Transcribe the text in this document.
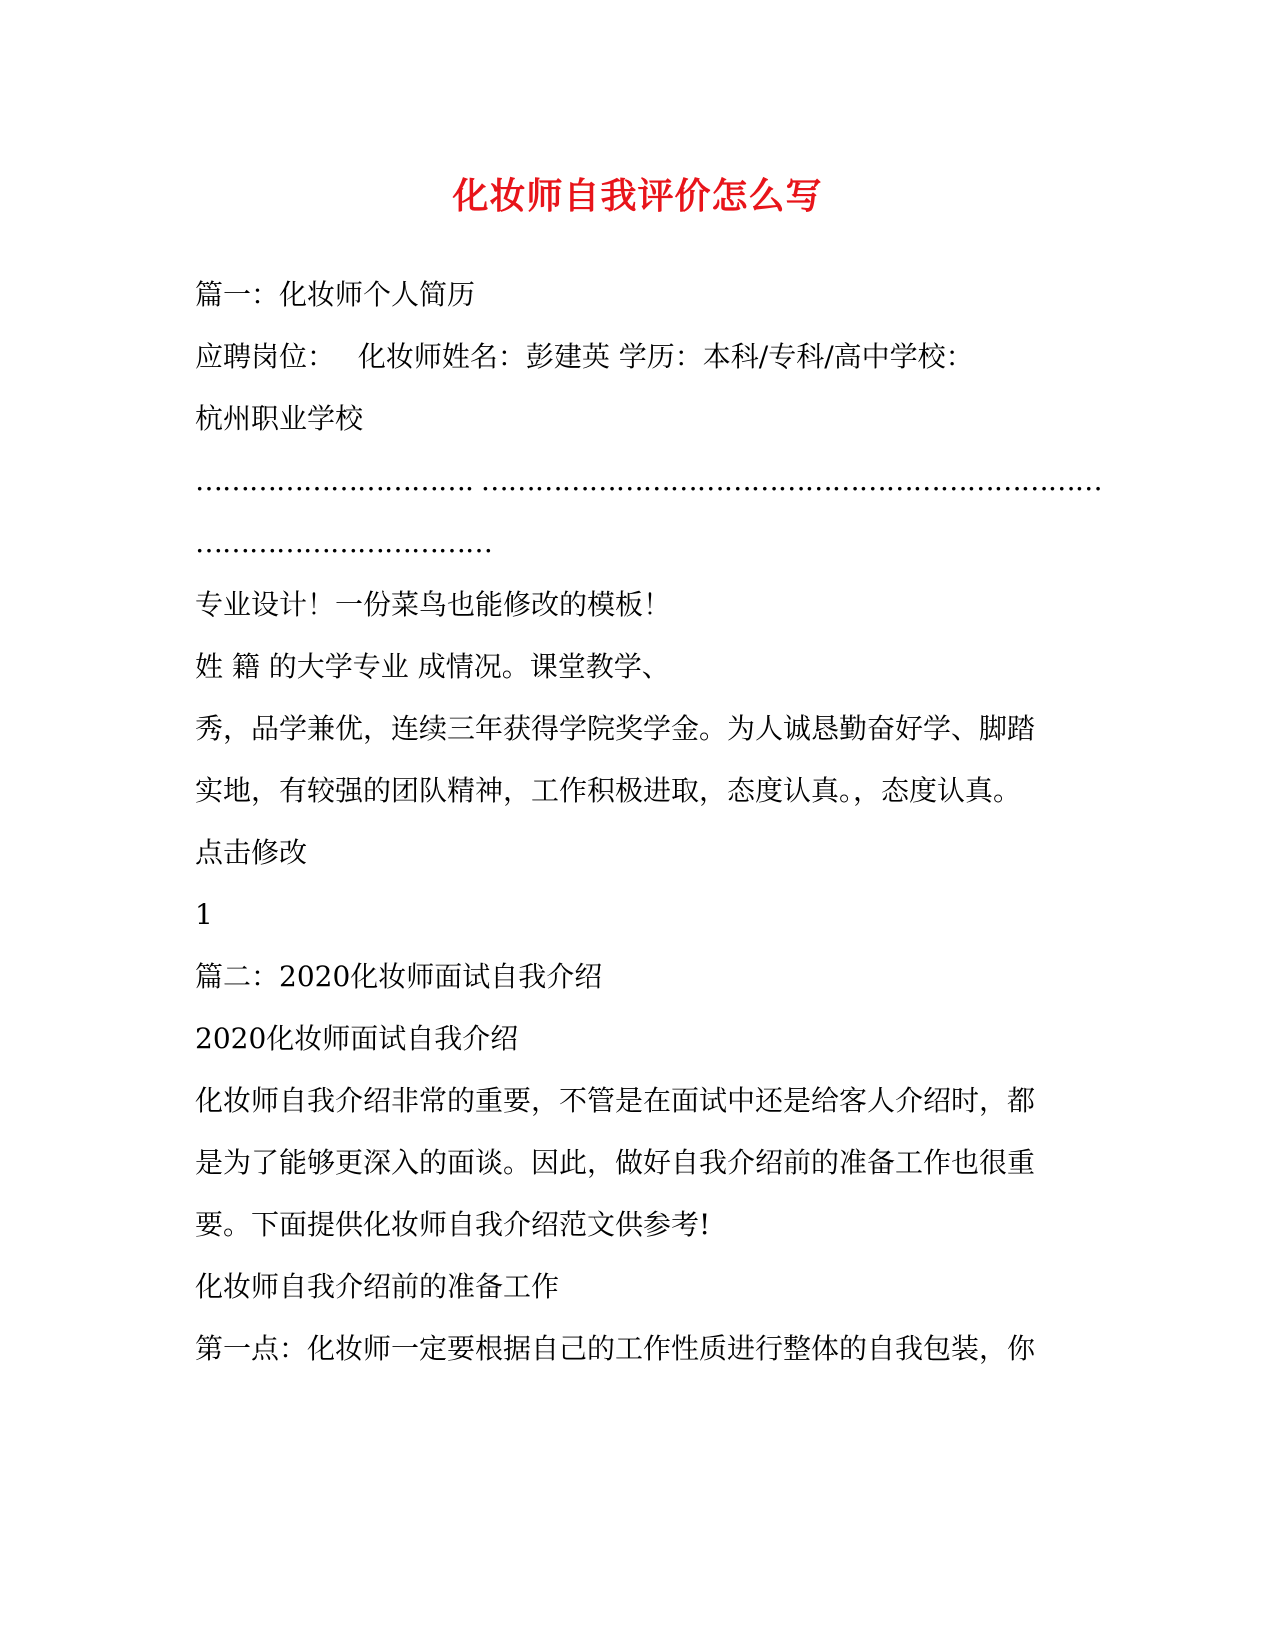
化妆师自我评价怎么写
篇一：化妆师个人简历
应聘岗位：　 化妆师姓名：彭建英 学历：本科/专科/高中学校：
杭州职业学校
…………………………. ……………………………………………………………
……………………………
专业设计！一份菜鸟也能修改的模板！
姓 籍 的大学专业 成情况。课堂教学、
秀，品学兼优，连续三年获得学院奖学金。为人诚恳勤奋好学、脚踏
实地，有较强的团队精神，工作积极进取，态度认真。，态度认真。
点击修改
1
篇二：2020化妆师面试自我介绍
2020化妆师面试自我介绍
化妆师自我介绍非常的重要，不管是在面试中还是给客人介绍时，都
是为了能够更深入的面谈。因此，做好自我介绍前的准备工作也很重
要。下面提供化妆师自我介绍范文供参考!
化妆师自我介绍前的准备工作
第一点：化妆师一定要根据自己的工作性质进行整体的自我包装，你
